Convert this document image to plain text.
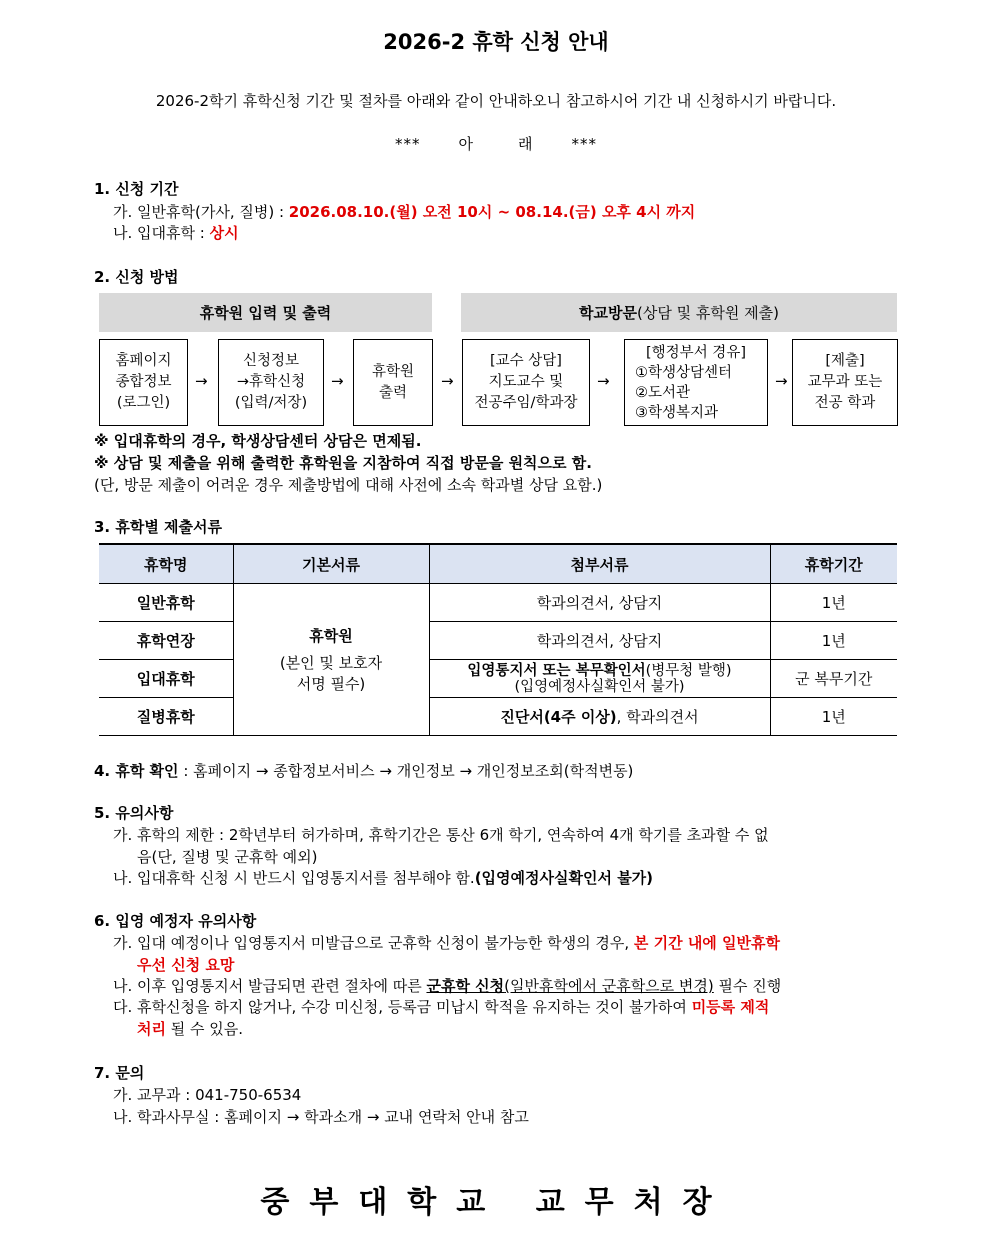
2026-2 휴학 신청 안내
2026-2학기 휴학신청 기간 및 절차를 아래와 같이 안내하오니 참고하시어 기간 내 신청하시기 바랍니다.
***	아	래	***
1. 신청 기간
가. 일반휴학(가사, 질병) : 2026.08.10.(월) 오전 10시 ~ 08.14.(금) 오후 4시 까지
나. 입대휴학 : 상시
2. 신청 방법
휴학원 입력 및 출력	학교방문 (상담 및 휴학원 제출)
홈페이지
종합정보
(로그인)
→
신청정보
→휴학신청
(입력/저장)
→
휴학원
출력
→
[교수 상담]
지도교수 및
전공주임/학과장
→
[행정부서 경유]
①학생상담센터
②도서관
③학생복지과
→
[제출]
교무과 또는
전공 학과
※ 입대휴학의 경우, 학생상담센터 상담은 면제됨.
※ 상담 및 제출을 위해 출력한 휴학원을 지참하여 직접 방문을 원칙으로 함.
(단, 방문 제출이 어려운 경우 제출방법에 대해 사전에 소속 학과별 상담 요함.)
3. 휴학별 제출서류
휴학명	기본서류	첨부서류	휴학기간
일반휴학	휴학원
(본인 및 보호자
서명 필수)	학과의견서, 상담지	1년
휴학연장		학과의견서, 상담지	1년
입대휴학		입영통지서 또는 복무확인서(병무청 발행)
(입영예정사실확인서 불가)	군 복무기간
질병휴학		진단서(4주 이상), 학과의견서	1년
4. 휴학 확인 : 홈페이지 → 종합정보서비스 → 개인정보 → 개인정보조회(학적변동)
5. 유의사항
가. 휴학의 제한 : 2학년부터 허가하며, 휴학기간은 통산 6개 학기, 연속하여 4개 학기를 초과할 수 없
음(단, 질병 및 군휴학 예외)
나. 입대휴학 신청 시 반드시 입영통지서를 첨부해야 함.(입영예정사실확인서 불가)
6. 입영 예정자 유의사항
가. 입대 예정이나 입영통지서 미발급으로 군휴학 신청이 불가능한 학생의 경우, 본 기간 내에 일반휴학
우선 신청 요망
나. 이후 입영통지서 발급되면 관련 절차에 따른 군휴학 신청(일반휴학에서 군휴학으로 변경) 필수 진행
다. 휴학신청을 하지 않거나, 수강 미신청, 등록금 미납시 학적을 유지하는 것이 불가하여 미등록 제적
처리 될 수 있음.
7. 문의
가. 교무과 : 041-750-6534
나. 학과사무실 : 홈페이지 → 학과소개 → 교내 연락처 안내 참고
중부대학교 교무처장
